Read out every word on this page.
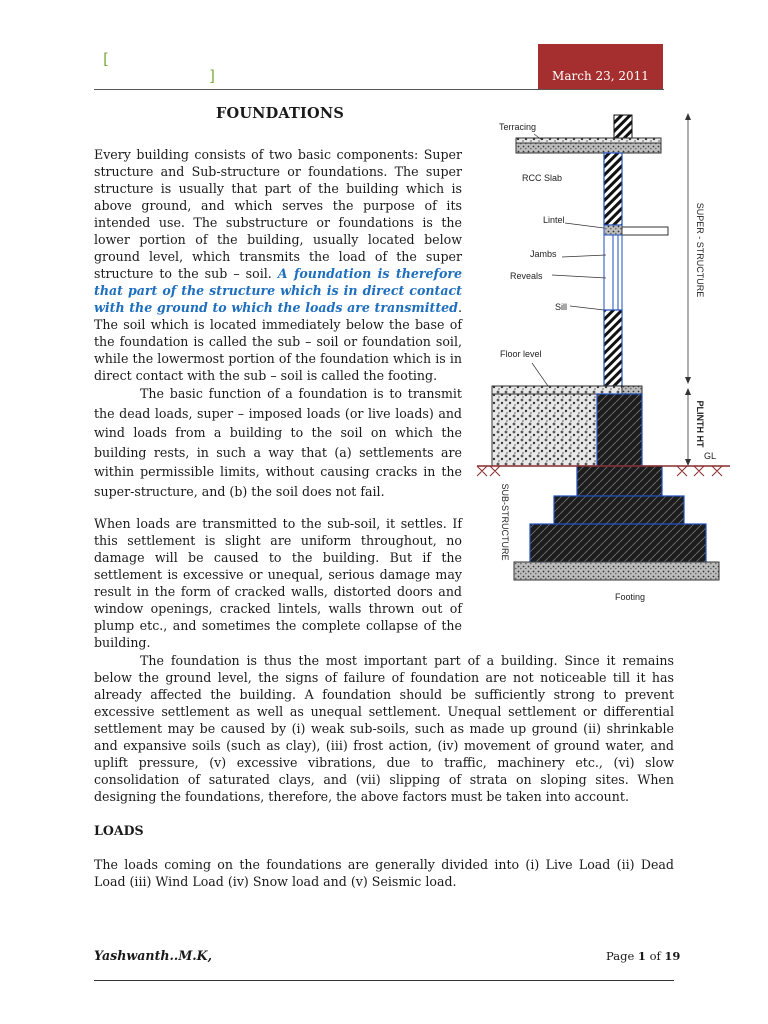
[
]	March 23, 2011
FOUNDATIONS

Every building consists of two basic components: Super structure and Sub-structure or foundations. The super structure is usually that part of the building which is above ground, and which serves the purpose of its intended use. The substructure or foundations is the lower portion of the building, usually located below ground level, which transmits the load of the super structure to the sub – soil. A foundation is therefore that part of the structure which is in direct contact with the ground to which the loads are transmitted. The soil which is located immediately below the base of the foundation is called the sub – soil or foundation soil, while the lowermost portion of the foundation which is in direct contact with the sub – soil is called the footing.

The basic function of a foundation is to transmit the dead loads, super – imposed loads (or live loads) and wind loads from a building to the soil on which the building rests, in such a way that (a) settlements are within permissible limits, without causing cracks in the super-structure, and (b) the soil does not fail.

When loads are transmitted to the sub-soil, it settles. If this settlement is slight are uniform throughout, no damage will be caused to the building. But if the settlement is excessive or unequal, serious damage may result in the form of cracked walls, distorted doors and window openings, cracked lintels, walls thrown out of plump etc., and sometimes the complete collapse of the building.

The foundation is thus the most important part of a building. Since it remains below the ground level, the signs of failure of foundation are not noticeable till it has already affected the building. A foundation should be sufficiently strong to prevent excessive settlement as well as unequal settlement. Unequal settlement or differential settlement may be caused by (i) weak sub-soils, such as made up ground (ii) shrinkable and expansive soils (such as clay), (iii) frost action, (iv) movement of ground water, and uplift pressure, (v) excessive vibrations, due to traffic, machinery etc., (vi) slow consolidation of saturated clays, and (vii) slipping of strata on sloping sites. When designing the foundations, therefore, the above factors must be taken into account.

LOADS

The loads coming on the foundations are generally divided into (i) Live Load (ii) Dead Load (iii) Wind Load (iv) Snow load and (v) Seismic load.

Terracing
RCC Slab
Lintel
Jambs
Reveals
Sill
Floor level
GL
Footing
SUPER - STRUCTURE
PLINTH HT
SUB-STRUCTURE

Yashwanth..M.K,	Page 1 of 19
